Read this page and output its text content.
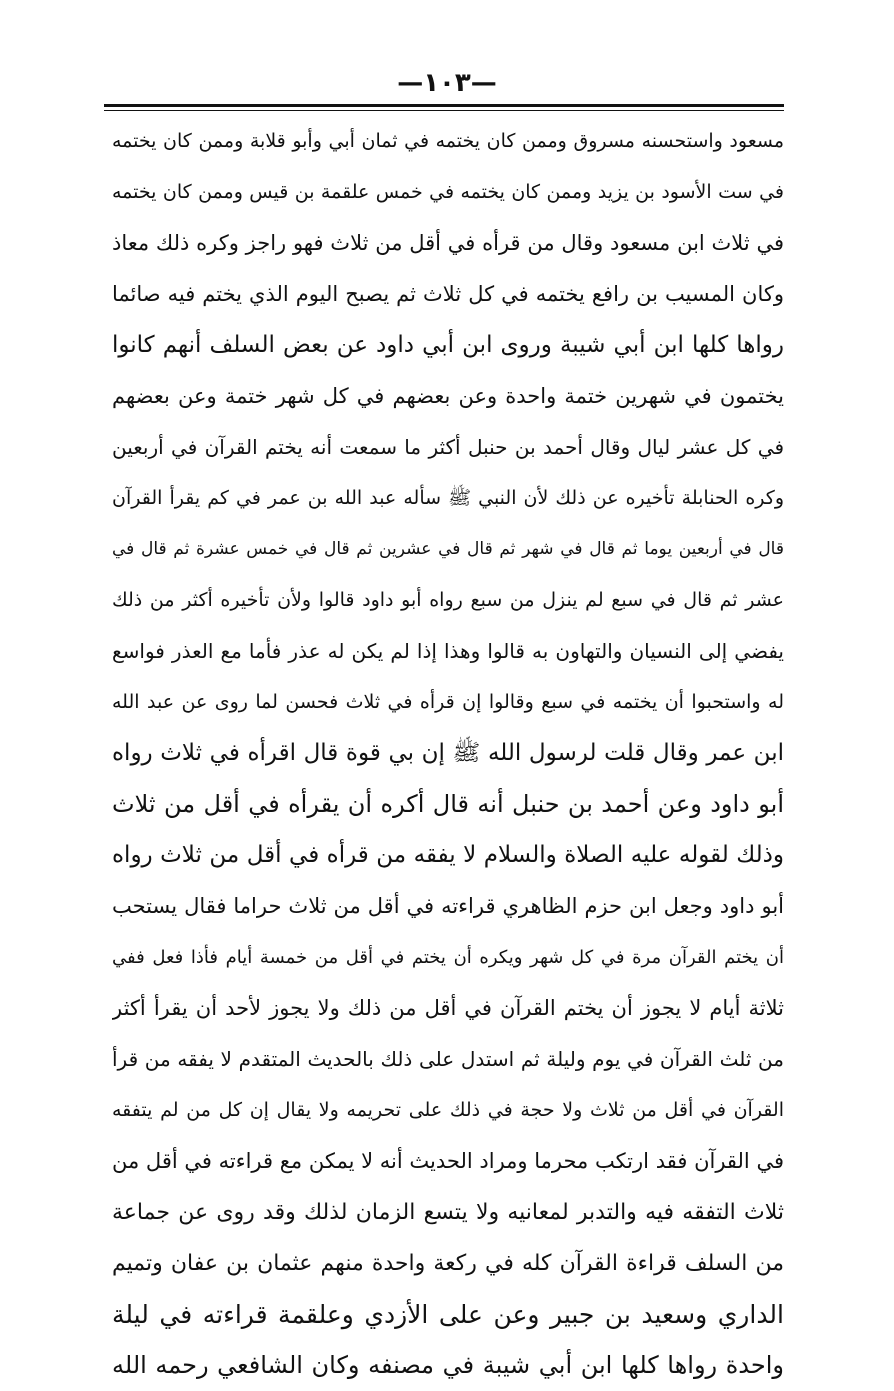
—١٠٣—
مسعود واستحسنه مسروق وممن كان يختمه في ثمان أبي وأبو قلابة وممن كان يختمه
في ست الأسود بن يزيد وممن كان يختمه في خمس علقمة بن قيس وممن كان يختمه
في ثلاث ابن مسعود وقال من قرأه في أقل من ثلاث فهو راجز وكره ذلك معاذ
وكان المسيب بن رافع يختمه في كل ثلاث ثم يصبح اليوم الذي يختم فيه صائما
رواها كلها ابن أبي شيبة وروى ابن أبي داود عن بعض السلف أنهم كانوا
يختمون في شهرين ختمة واحدة وعن بعضهم في كل شهر ختمة وعن بعضهم
في كل عشر ليال وقال أحمد بن حنبل أكثر ما سمعت أنه يختم القرآن في أربعين
وكره الحنابلة تأخيره عن ذلك لأن النبي ﷺ سأله عبد الله بن عمر في كم يقرأ القرآن
قال في أربعين يوما ثم قال في شهر ثم قال في عشرين ثم قال في خمس عشرة ثم قال في
عشر ثم قال في سبع لم ينزل من سبع رواه أبو داود قالوا ولأن تأخيره أكثر من ذلك
يفضي إلى النسيان والتهاون به قالوا وهذا إذا لم يكن له عذر فأما مع العذر فواسع
له واستحبوا أن يختمه في سبع وقالوا إن قرأه في ثلاث فحسن لما روى عن عبد الله
ابن عمر وقال قلت لرسول الله ﷺ إن بي قوة قال اقرأه في ثلاث رواه
أبو داود وعن أحمد بن حنبل أنه قال أكره أن يقرأه في أقل من ثلاث
وذلك لقوله عليه الصلاة والسلام لا يفقه من قرأه في أقل من ثلاث رواه
أبو داود وجعل ابن حزم الظاهري قراءته في أقل من ثلاث حراما فقال يستحب
أن يختم القرآن مرة في كل شهر ويكره أن يختم في أقل من خمسة أيام فأذا فعل ففي
ثلاثة أيام لا يجوز أن يختم القرآن في أقل من ذلك ولا يجوز لأحد أن يقرأ أكثر
من ثلث القرآن في يوم وليلة ثم استدل على ذلك بالحديث المتقدم لا يفقه من قرأ
القرآن في أقل من ثلاث ولا حجة في ذلك على تحريمه ولا يقال إن كل من لم يتفقه
في القرآن فقد ارتكب محرما ومراد الحديث أنه لا يمكن مع قراءته في أقل من
ثلاث التفقه فيه والتدبر لمعانيه ولا يتسع الزمان لذلك وقد روى عن جماعة
من السلف قراءة القرآن كله في ركعة واحدة منهم عثمان بن عفان وتميم
الداري وسعيد بن جبير وعن على الأزدي وعلقمة قراءته في ليلة
واحدة رواها كلها ابن أبي شيبة في مصنفه وكان الشافعي رحمه الله
